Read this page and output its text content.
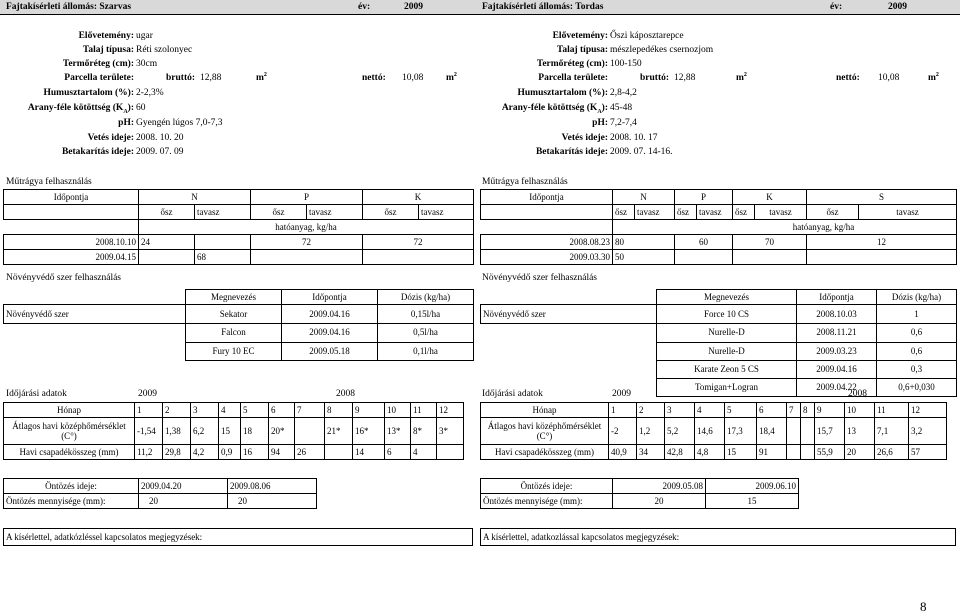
Fajtakísérleti állomás: Szarvas	év:	2009	Fajtakísérleti állomás: Tordas	év:	2009
Elővetemény: ugar
Talaj típusa: Réti szolonyec
Termőréteg (cm): 30cm
Parcella területe:	bruttó: 12,88	$m^2$	nettó: 10,08 $m^2$
Humusztartalom (%): 2-2,3%
Arany-féle kötöttség $(K_A)$: 60
pH: Gyengén lúgos 7,0-7,3
Vetés ideje: 2008. 10. 20
Betakarítás ideje: 2009. 07. 09
Elővetemény: Őszi káposztarepce
Talaj típusa: mészlepedékes csernozjom
Termőréteg (cm): 100-150
Parcella területe:	bruttó: 12,88	$m^2$	nettó: 10,08	$m^2$
Humusztartalom (%): 2,8-4,2
Arany-féle kötöttség $(K_A)$: 45-48
pH: 7,2-7,4
Vetés ideje: 2008. 10. 17
Betakarítás ideje: 2009. 07. 14-16.
Műtrágya felhasználás
Időpontja	N		P		K	
	ősz	tavasz	ősz	tavasz	ősz	tavasz
	hatóanyag, kg/ha					
2008.10.10	24		72		72	
2009.04.15		68				
Műtrágya felhasználás
Időpontja	N		P		K		S	
	ősz	tavasz	ősz	tavasz	ősz	tavasz	ősz	tavasz
	hatóanyag, kg/ha							
2008.08.23	80		60		70		12	
2009.03.30	50							
Növényvédő szer felhasználás
	Megnevezés	Időpontja	Dózis (kg/ha)
Növényvédő szer	Sekator	2009.04.16	0,15l/ha
	Falcon	2009.04.16	0,5l/ha
	Fury 10 EC	2009.05.18	0,1l/ha
Növényvédő szer felhasználás
	Megnevezés	Időpontja	Dózis (kg/ha)
Növényvédő szer	Force 10 CS	2008.10.03	1
	Nurelle-D	2008.11.21	0,6
	Nurelle-D	2009.03.23	0,6
	Karate Zeon 5 CS	2009.04.16	0,3
	Tomigan+Logran	2009.04.22	0,6+0,030
Időjárási adatok	2009	2008
Hónap	1	2	3	4	5	6	7	8	9	10	11	12
Átlagos havi középhőmérséklet (C°)	-1,54	1,38	6,2	15	18	20*		21*	16*	13*	8*	3*
Havi csapadékösszeg (mm)	11,2	29,8	4,2	0,9	16	94	26		14	6	4	
Időjárási adatok	2009	2008
Hónap	1	2	3	4	5	6	7	8	9	10	11	12
Átlagos havi középhőmérséklet (C°)	-2	1,2	5,2	14,6	17,3	18,4			15,7	13	7,1	3,2
Havi csapadékösszeg (mm)	40,9	34	42,8	4,8	15	91			55,9	20	26,6	57
Öntözés ideje:	2009.04.20	2009.08.06
Öntözés mennyisége (mm):	20	20
Öntözés ideje:	2009.05.08	2009.06.10
Öntözés mennyisége (mm):	20	15
A kísérlettel, adatkózléssel kapcsolatos megjegyzések:	A kísérlettel, adatkozlással kapcsolatos megjegyzések:
8
